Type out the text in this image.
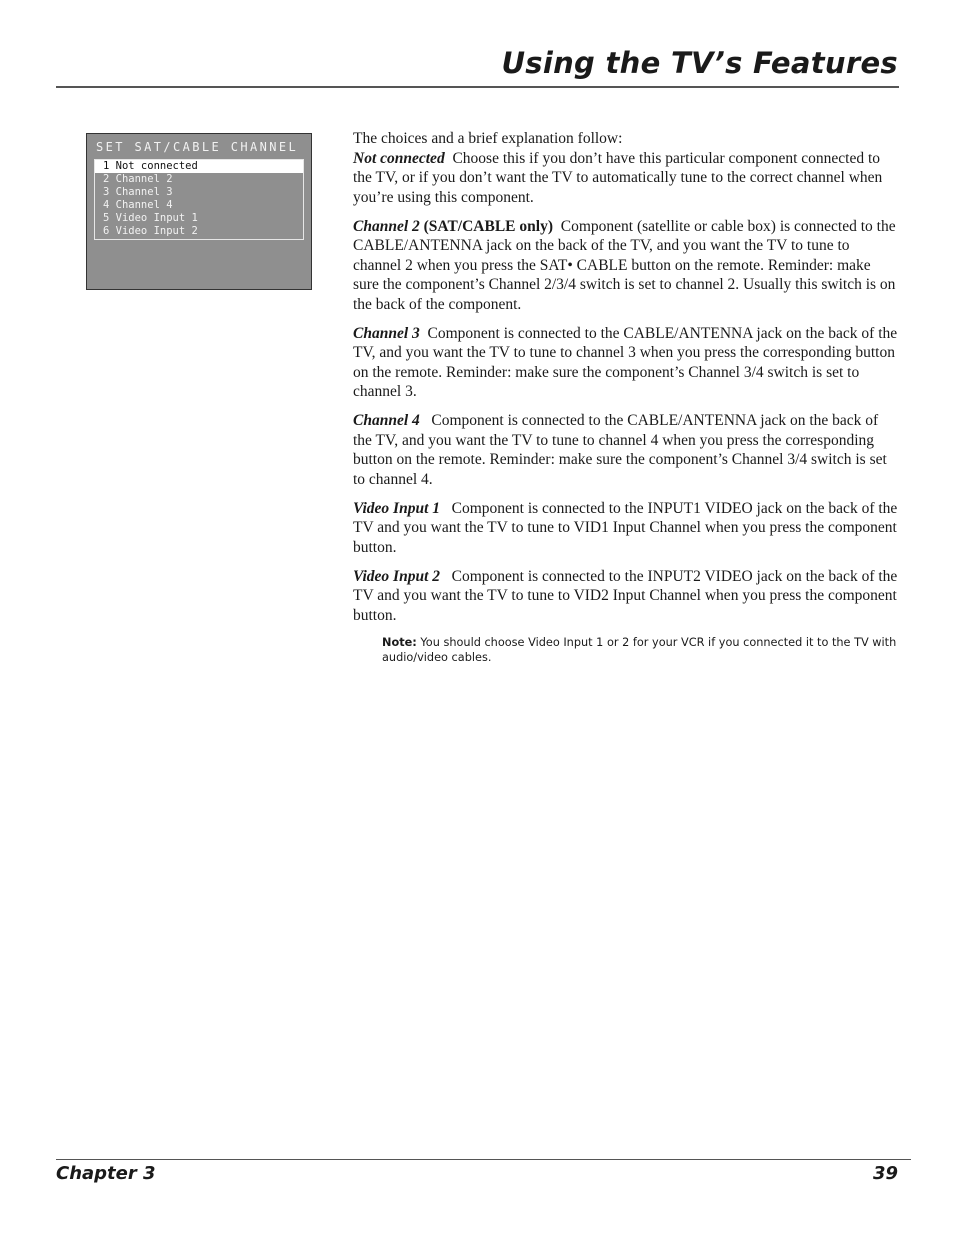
Using the TV’s Features
SET SAT/CABLE CHANNEL
1 Not connected
2 Channel 2
3 Channel 3
4 Channel 4
5 Video Input 1
6 Video Input 2

The choices and a brief explanation follow:

Not connected Choose this if you don’t have this particular component connected to the TV, or if you don’t want the TV to automatically tune to the correct channel when you’re using this component.

Channel 2 (SAT/CABLE only) Component (satellite or cable box) is connected to the CABLE/ANTENNA jack on the back of the TV, and you want the TV to tune to channel 2 when you press the SAT• CABLE button on the remote. Reminder: make sure the component’s Channel 2/3/4 switch is set to channel 2. Usually this switch is on the back of the component.

Channel 3 Component is connected to the CABLE/ANTENNA jack on the back of the TV, and you want the TV to tune to channel 3 when you press the corresponding button on the remote. Reminder: make sure the component’s Channel 3/4 switch is set to channel 3.

Channel 4 Component is connected to the CABLE/ANTENNA jack on the back of the TV, and you want the TV to tune to channel 4 when you press the corresponding button on the remote. Reminder: make sure the component’s Channel 3/4 switch is set to channel 4.

Video Input 1 Component is connected to the INPUT1 VIDEO jack on the back of the TV and you want the TV to tune to VID1 Input Channel when you press the component button.

Video Input 2 Component is connected to the INPUT2 VIDEO jack on the back of the TV and you want the TV to tune to VID2 Input Channel when you press the component button.

Note: You should choose Video Input 1 or 2 for your VCR if you connected it to the TV with audio/video cables.

Chapter 3	39
